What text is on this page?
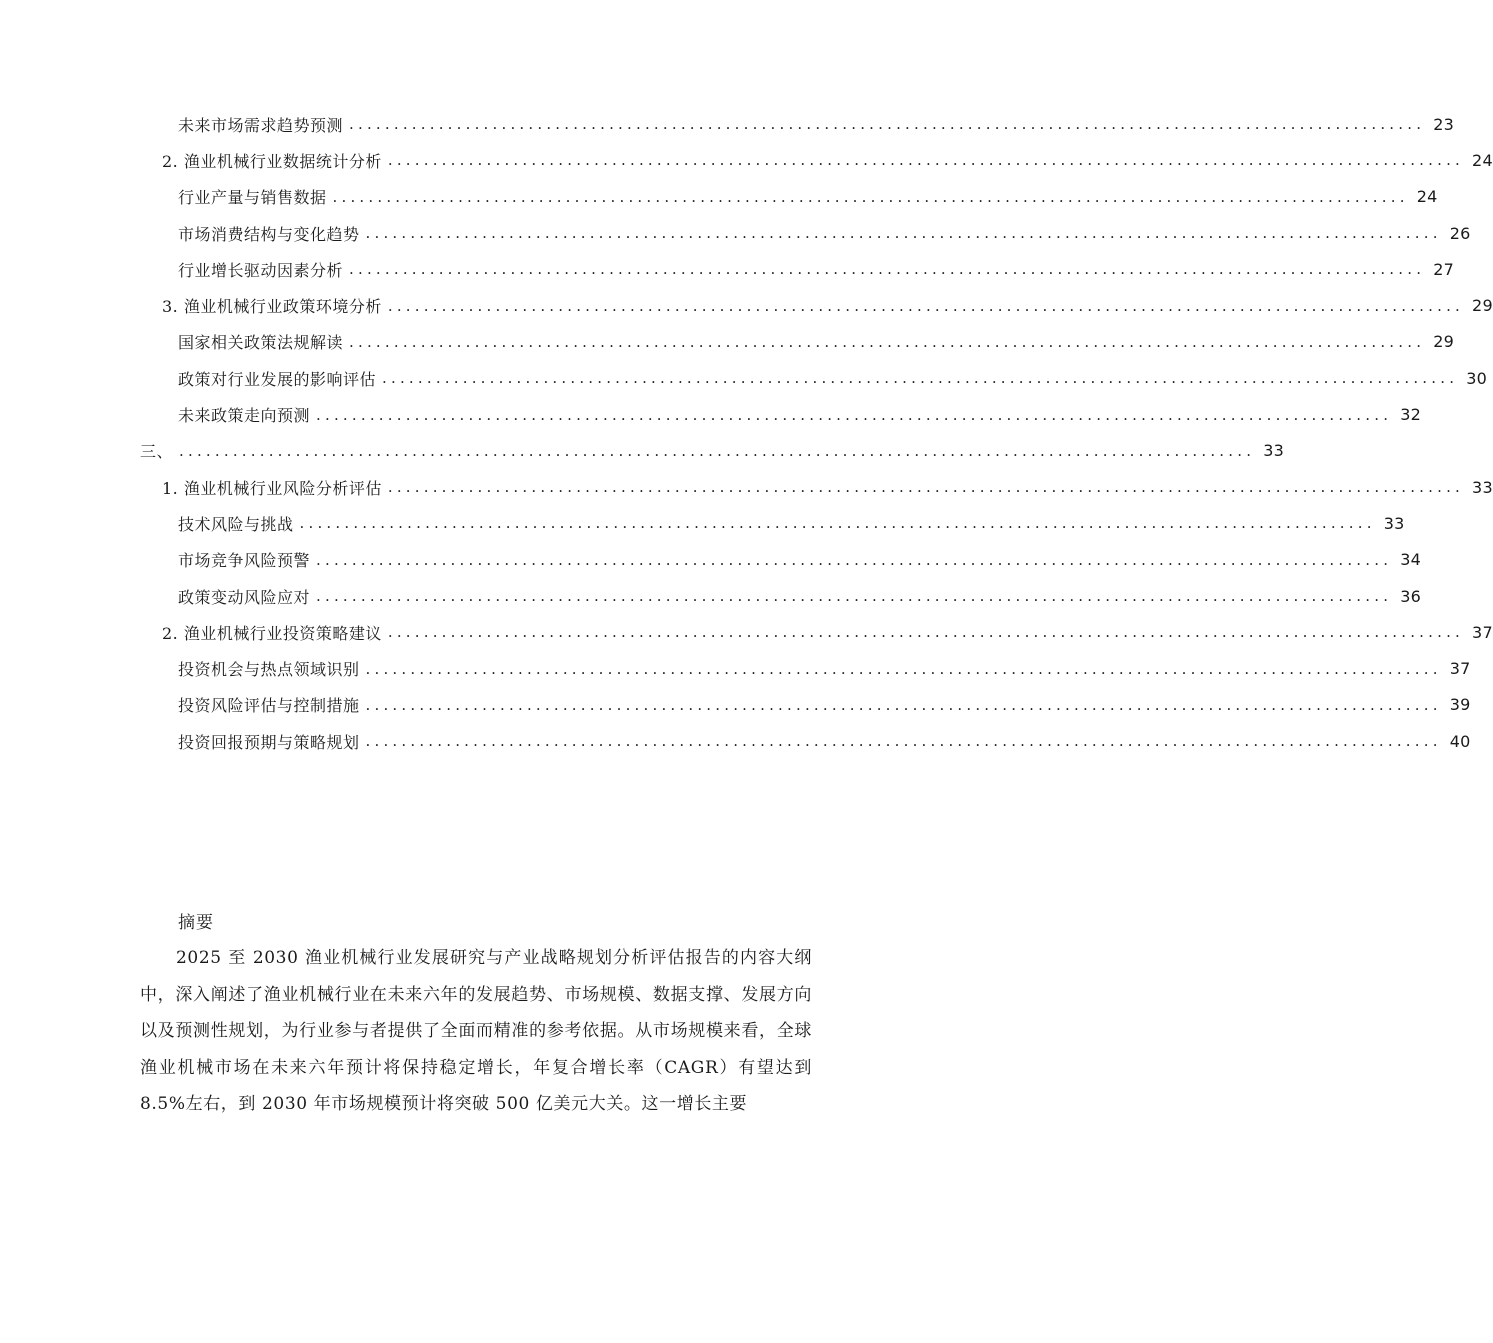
未来市场需求趋势预测 ........................................................................................................................ 23
2. 渔业机械行业数据统计分析 ........................................................................................................................ 24
行业产量与销售数据 ........................................................................................................................ 24
市场消费结构与变化趋势 ........................................................................................................................ 26
行业增长驱动因素分析 ........................................................................................................................ 27
3. 渔业机械行业政策环境分析 ........................................................................................................................ 29
国家相关政策法规解读 ........................................................................................................................ 29
政策对行业发展的影响评估 ........................................................................................................................ 30
未来政策走向预测 ........................................................................................................................ 32
三、 ........................................................................................................................ 33
1. 渔业机械行业风险分析评估 ........................................................................................................................ 33
技术风险与挑战 ........................................................................................................................ 33
市场竞争风险预警 ........................................................................................................................ 34
政策变动风险应对 ........................................................................................................................ 36
2. 渔业机械行业投资策略建议 ........................................................................................................................ 37
投资机会与热点领域识别 ........................................................................................................................ 37
投资风险评估与控制措施 ........................................................................................................................ 39
投资回报预期与策略规划 ........................................................................................................................ 40
摘要
2025 至 2030 渔业机械行业发展研究与产业战略规划分析评估报告的内容大纲中，深入阐述了渔业机械行业在未来六年的发展趋势、市场规模、数据支撑、发展方向以及预测性规划，为行业参与者提供了全面而精准的参考依据。从市场规模来看，全球渔业机械市场在未来六年预计将保持稳定增长，年复合增长率（CAGR）有望达到 8.5%左右，到 2030 年市场规模预计将突破 500 亿美元大关。这一增长主要
